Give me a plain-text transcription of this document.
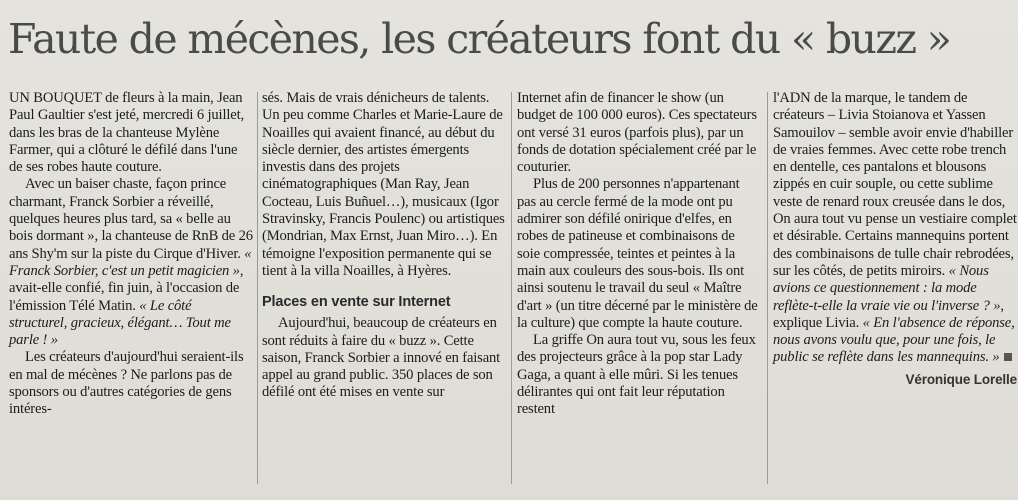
Faute de mécènes, les créateurs font du « buzz »

UN BOUQUET de fleurs à la main, Jean Paul Gaultier s'est jeté, mercredi 6 juillet, dans les bras de la chanteuse Mylène Farmer, qui a clôturé le défilé dans l'une de ses robes haute couture.

Avec un baiser chaste, façon prince charmant, Franck Sorbier a réveillé, quelques heures plus tard, sa « belle au bois dormant », la chanteuse de RnB de 26 ans Shy'm sur la piste du Cirque d'Hiver. « Franck Sorbier, c'est un petit magicien », avait-elle confié, fin juin, à l'occasion de l'émission Télé Matin. « Le côté structurel, gracieux, élégant… Tout me parle ! »

Les créateurs d'aujourd'hui seraient-ils en mal de mécènes ? Ne parlons pas de sponsors ou d'autres catégories de gens intéres-

sés. Mais de vrais dénicheurs de talents. Un peu comme Charles et Marie-Laure de Noailles qui avaient financé, au début du siècle dernier, des artistes émergents investis dans des projets cinématographiques (Man Ray, Jean Cocteau, Luis Buñuel…), musicaux (Igor Stravinsky, Francis Poulenc) ou artistiques (Mondrian, Max Ernst, Juan Miro…). En témoigne l'exposition permanente qui se tient à la villa Noailles, à Hyères.

Places en vente sur Internet

Aujourd'hui, beaucoup de créateurs en sont réduits à faire du « buzz ». Cette saison, Franck Sorbier a innové en faisant appel au grand public. 350 places de son défilé ont été mises en vente sur

Internet afin de financer le show (un budget de 100 000 euros). Ces spectateurs ont versé 31 euros (parfois plus), par un fonds de dotation spécialement créé par le couturier.

Plus de 200 personnes n'appartenant pas au cercle fermé de la mode ont pu admirer son défilé onirique d'elfes, en robes de patineuse et combinaisons de soie compressée, teintes et peintes à la main aux couleurs des sous-bois. Ils ont ainsi soutenu le travail du seul « Maître d'art » (un titre décerné par le ministère de la culture) que compte la haute couture.

La griffe On aura tout vu, sous les feux des projecteurs grâce à la pop star Lady Gaga, a quant à elle mûri. Si les tenues délirantes qui ont fait leur réputation restent

l'ADN de la marque, le tandem de créateurs – Livia Stoianova et Yassen Samouilov – semble avoir envie d'habiller de vraies femmes. Avec cette robe trench en dentelle, ces pantalons et blousons zippés en cuir souple, ou cette sublime veste de renard roux creusée dans le dos, On aura tout vu pense un vestiaire complet et désirable. Certains mannequins portent des combinaisons de tulle chair rebrodées, sur les côtés, de petits miroirs. « Nous avions ce questionnement : la mode reflète-t-elle la vraie vie ou l'inverse ? », explique Livia. « En l'absence de réponse, nous avons voulu que, pour une fois, le public se reflète dans les mannequins. »

Véronique Lorelle
